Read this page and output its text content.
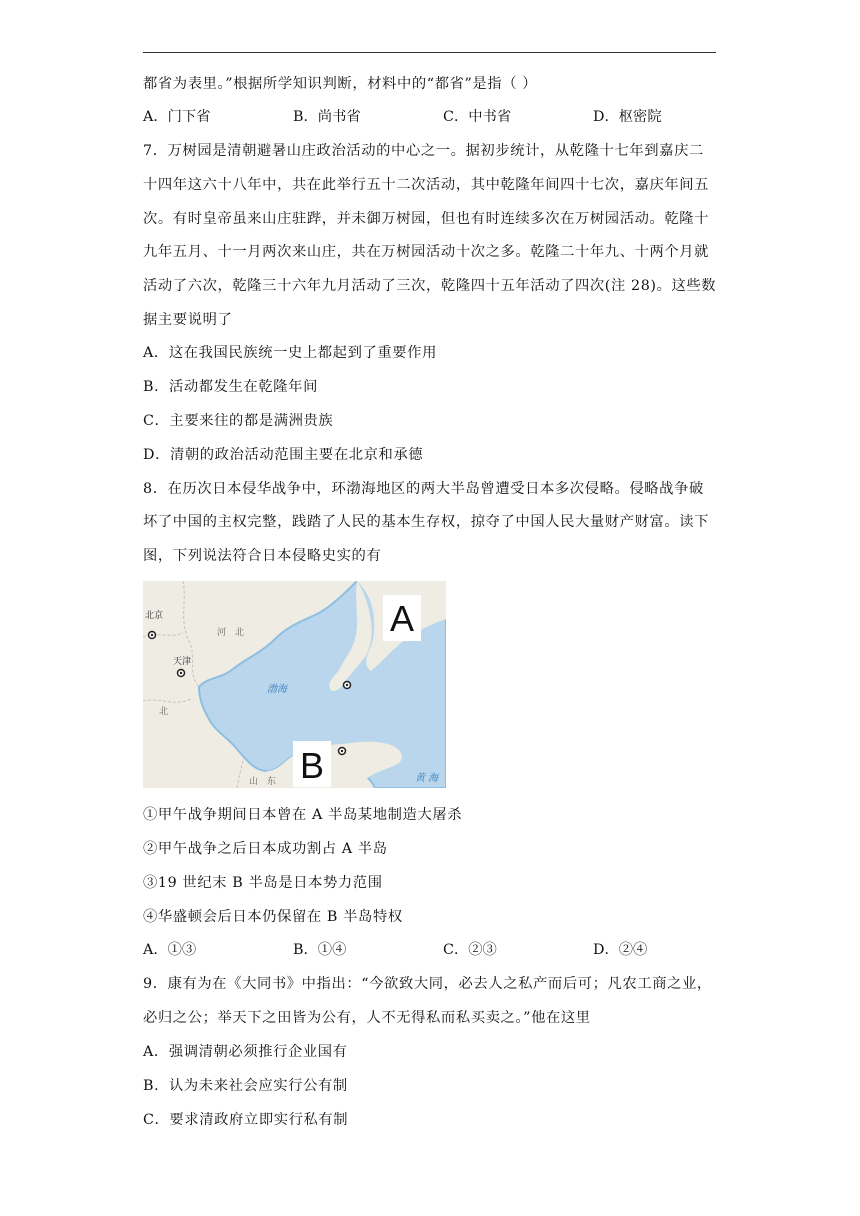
都省为表里。”根据所学知识判断，材料中的“都省”是指（ ）
A．门下省	B．尚书省	C．中书省	D．枢密院
7．万树园是清朝避暑山庄政治活动的中心之一。据初步统计，从乾隆十七年到嘉庆二
十四年这六十八年中，共在此举行五十二次活动，其中乾隆年间四十七次，嘉庆年间五
次。有时皇帝虽来山庄驻跸，并未御万树园，但也有时连续多次在万树园活动。乾隆十
九年五月、十一月两次来山庄，共在万树园活动十次之多。乾隆二十年九、十两个月就
活动了六次，乾隆三十六年九月活动了三次，乾隆四十五年活动了四次(注 28)。这些数
据主要说明了
A．这在我国民族统一史上都起到了重要作用
B．活动都发生在乾隆年间
C．主要来往的都是满洲贵族
D．清朝的政治活动范围主要在北京和承德
8．在历次日本侵华战争中，环渤海地区的两大半岛曾遭受日本多次侵略。侵略战争破
坏了中国的主权完整，践踏了人民的基本生存权，掠夺了中国人民大量财产财富。读下
图，下列说法符合日本侵略史实的有
A
B
北京
天津
河　北
北
渤海
山　东	黄 海
①甲午战争期间日本曾在 A 半岛某地制造大屠杀
②甲午战争之后日本成功割占 A 半岛
③19 世纪末 B 半岛是日本势力范围
④华盛顿会后日本仍保留在 B 半岛特权
A．①③	B．①④	C．②③	D．②④
9．康有为在《大同书》中指出：“今欲致大同，必去人之私产而后可；凡农工商之业，
必归之公；举天下之田皆为公有，人不无得私而私买卖之。”他在这里
A．强调清朝必须推行企业国有
B．认为未来社会应实行公有制
C．要求清政府立即实行私有制
